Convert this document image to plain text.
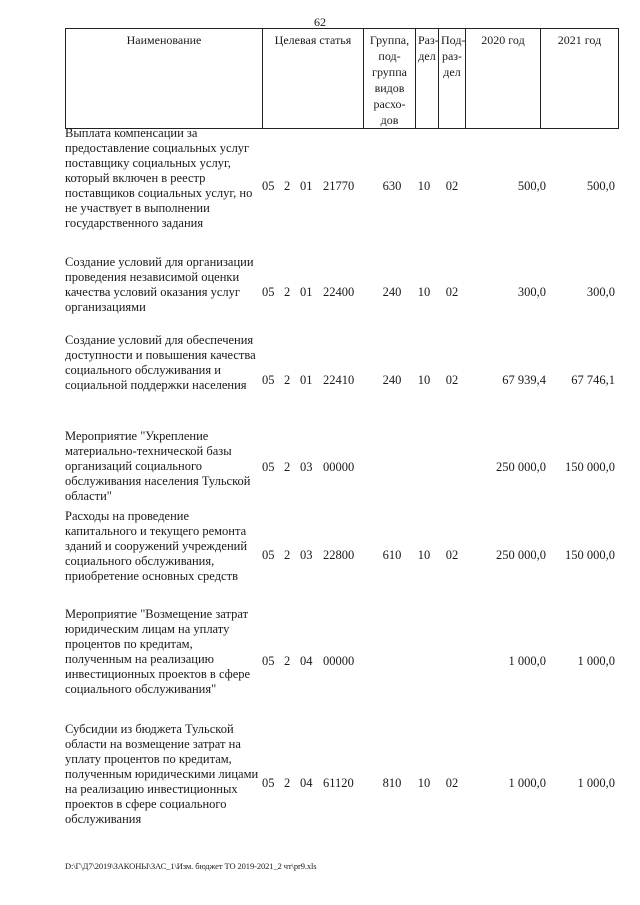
62
Наименование	Целевая статья	Группа,
под-
группа
видов
расхо-
дов	Раз-
дел	Под-
раз-
дел	2020 год	2021 год
Выплата компенсации за предоставление социальных услуг поставщику социальных услуг, который включен в реестр поставщиков социальных услуг, но не участвует в выполнении государственного задания
05 2 01 21770	630	10	02	500,0	500,0
Создание условий для организации проведения независимой оценки качества условий оказания услуг организациями
05 2 01 22400	240	10	02	300,0	300,0
Создание условий для обеспечения доступности и повышения качества социального обслуживания и социальной поддержки населения	05 2 01 22410	240	10	02	67 939,4	67 746,1
Мероприятие "Укрепление материально-технической базы организаций социального обслуживания населения Тульской области"
05 2 03 00000	250 000,0	150 000,0
Расходы на проведение капитального и текущего ремонта зданий и сооружений учреждений социального обслуживания, приобретение основных средств
05 2 03 22800	610	10	02	250 000,0	150 000,0
Мероприятие "Возмещение затрат юридическим лицам на уплату процентов по кредитам, полученным на реализацию инвестиционных проектов в сфере социального обслуживания"
05 2 04 00000	1 000,0	1 000,0
Субсидии из бюджета Тульской области на возмещение затрат на уплату процентов по кредитам, полученным юридическими лицами на реализацию инвестиционных проектов в сфере социального обслуживания
05 2 04 61120	810	10	02	1 000,0	1 000,0
D:\Г\Д7\2019\ЗАКОНЫ\ЗАС_1\Изм. бюджет ТО 2019-2021_2 чт\pr9.xls
